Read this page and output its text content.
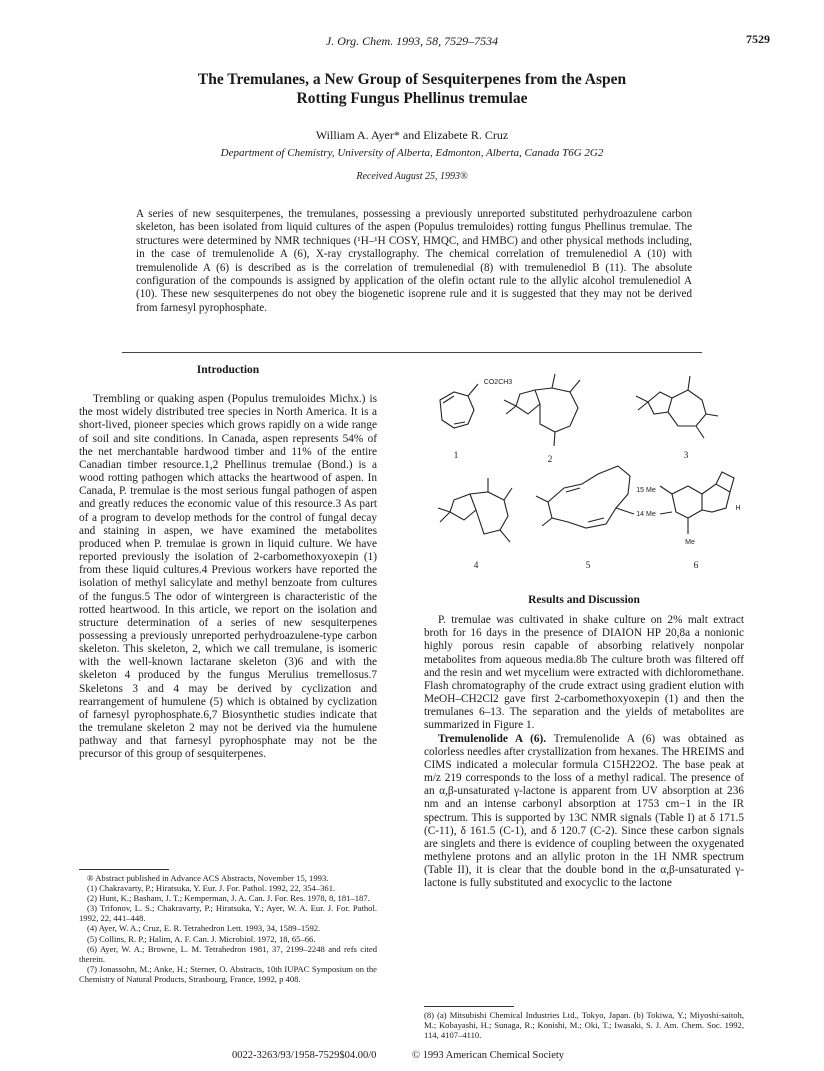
J. Org. Chem. 1993, 58, 7529–7534	7529
The Tremulanes, a New Group of Sesquiterpenes from the Aspen
Rotting Fungus Phellinus tremulae
William A. Ayer* and Elizabete R. Cruz
Department of Chemistry, University of Alberta, Edmonton, Alberta, Canada T6G 2G2
Received August 25, 1993®
A series of new sesquiterpenes, the tremulanes, possessing a previously unreported substituted perhydroazulene carbon skeleton, has been isolated from liquid cultures of the aspen (Populus tremuloides) rotting fungus Phellinus tremulae. The structures were determined by NMR techniques (¹H–¹H COSY, HMQC, and HMBC) and other physical methods including, in the case of tremulenolide A (6), X-ray crystallography. The chemical correlation of tremulenediol A (10) with tremulenolide A (6) is described as is the correlation of tremulenedial (8) with tremulenediol B (11). The absolute configuration of the compounds is assigned by application of the olefin octant rule to the allylic alcohol tremulenediol A (10). These new sesquiterpenes do not obey the biogenetic isoprene rule and it is suggested that they may not be derived from farnesyl pyrophosphate.
Introduction

Trembling or quaking aspen (Populus tremuloides Michx.) is the most widely distributed tree species in North America. It is a short-lived, pioneer species which grows rapidly on a wide range of soil and site conditions. In Canada, aspen represents 54% of the net merchantable hardwood timber and 11% of the entire Canadian timber resource.1,2 Phellinus tremulae (Bond.) is a wood rotting pathogen which attacks the heartwood of aspen. In Canada, P. tremulae is the most serious fungal pathogen of aspen and greatly reduces the economic value of this resource.3 As part of a program to develop methods for the control of fungal decay and staining in aspen, we have examined the metabolites produced when P. tremulae is grown in liquid culture. We have reported previously the isolation of 2-carbomethoxyoxepin (1) from these liquid cultures.4 Previous workers have reported the isolation of methyl salicylate and methyl benzoate from cultures of the fungus.5 The odor of wintergreen is characteristic of the rotted heartwood. In this article, we report on the isolation and structure determination of a series of new sesquiterpenes possessing a previously unreported perhydroazulene-type carbon skeleton. This skeleton, 2, which we call tremulane, is isomeric with the well-known lactarane skeleton (3)6 and with the skeleton 4 produced by the fungus Merulius tremellosus.7 Skeletons 3 and 4 may be derived by cyclization and rearrangement of humulene (5) which is obtained by cyclization of farnesyl pyrophosphate.6,7 Biosynthetic studies indicate that the tremulane skeleton 2 may not be derived via the humulene pathway and that farnesyl pyrophosphate may not be the precursor of this group of sesquiterpenes.

® Abstract published in Advance ACS Abstracts, November 15, 1993.
(1) Chakravarty, P.; Hiratsuka, Y. Eur. J. For. Pathol. 1992, 22, 354–361.
(2) Hunt, K.; Basham, J. T.; Kemperman, J. A. Can. J. For. Res. 1978, 8, 181–187.
(3) Trifonov, L. S.; Chakravarty, P.; Hiratsuka, Y.; Ayer, W. A. Eur. J. For. Pathol. 1992, 22, 441–448.
(4) Ayer, W. A.; Cruz, E. R. Tetrahedron Lett. 1993, 34, 1589–1592.
(5) Collins, R. P.; Halim, A. F. Can. J. Microbiol. 1972, 18, 65–66.
(6) Ayer, W. A.; Browne, L. M. Tetrahedron 1981, 37, 2199–2248 and refs cited therein.
(7) Jonassohn, M.; Anke, H.; Sterner, O. Abstracts, 10th IUPAC Symposium on the Chemistry of Natural Products, Strasbourg, France, 1992, p 408.
1	2	3
4	5	6
CO2CH3
15 Me
14 Me
Me
H
Results and Discussion

P. tremulae was cultivated in shake culture on 2% malt extract broth for 16 days in the presence of DIAION HP 20,8a a nonionic highly porous resin capable of absorbing relatively nonpolar metabolites from aqueous media.8b The culture broth was filtered off and the resin and wet mycelium were extracted with dichloromethane. Flash chromatography of the crude extract using gradient elution with MeOH–CH2Cl2 gave first 2-carbomethoxyoxepin (1) and then the tremulanes 6–13. The separation and the yields of metabolites are summarized in Figure 1.

Tremulenolide A (6). Tremulenolide A (6) was obtained as colorless needles after crystallization from hexanes. The HREIMS and CIMS indicated a molecular formula C15H22O2. The base peak at m/z 219 corresponds to the loss of a methyl radical. The presence of an α,β-unsaturated γ-lactone is apparent from UV absorption at 236 nm and an intense carbonyl absorption at 1753 cm−1 in the IR spectrum. This is supported by 13C NMR signals (Table I) at δ 171.5 (C-11), δ 161.5 (C-1), and δ 120.7 (C-2). Since these carbon signals are singlets and there is evidence of coupling between the oxygenated methylene protons and an allylic proton in the 1H NMR spectrum (Table II), it is clear that the double bond in the α,β-unsaturated γ-lactone is fully substituted and exocyclic to the lactone

(8) (a) Mitsubishi Chemical Industries Ltd., Tokyo, Japan. (b) Tokiwa, Y.; Miyoshi-saitoh, M.; Kobayashi, H.; Sunaga, R.; Konishi, M.; Oki, T.; Iwasaki, S. J. Am. Chem. Soc. 1992, 114, 4107–4110.
0022-3263/93/1958-7529$04.00/0	© 1993 American Chemical Society
